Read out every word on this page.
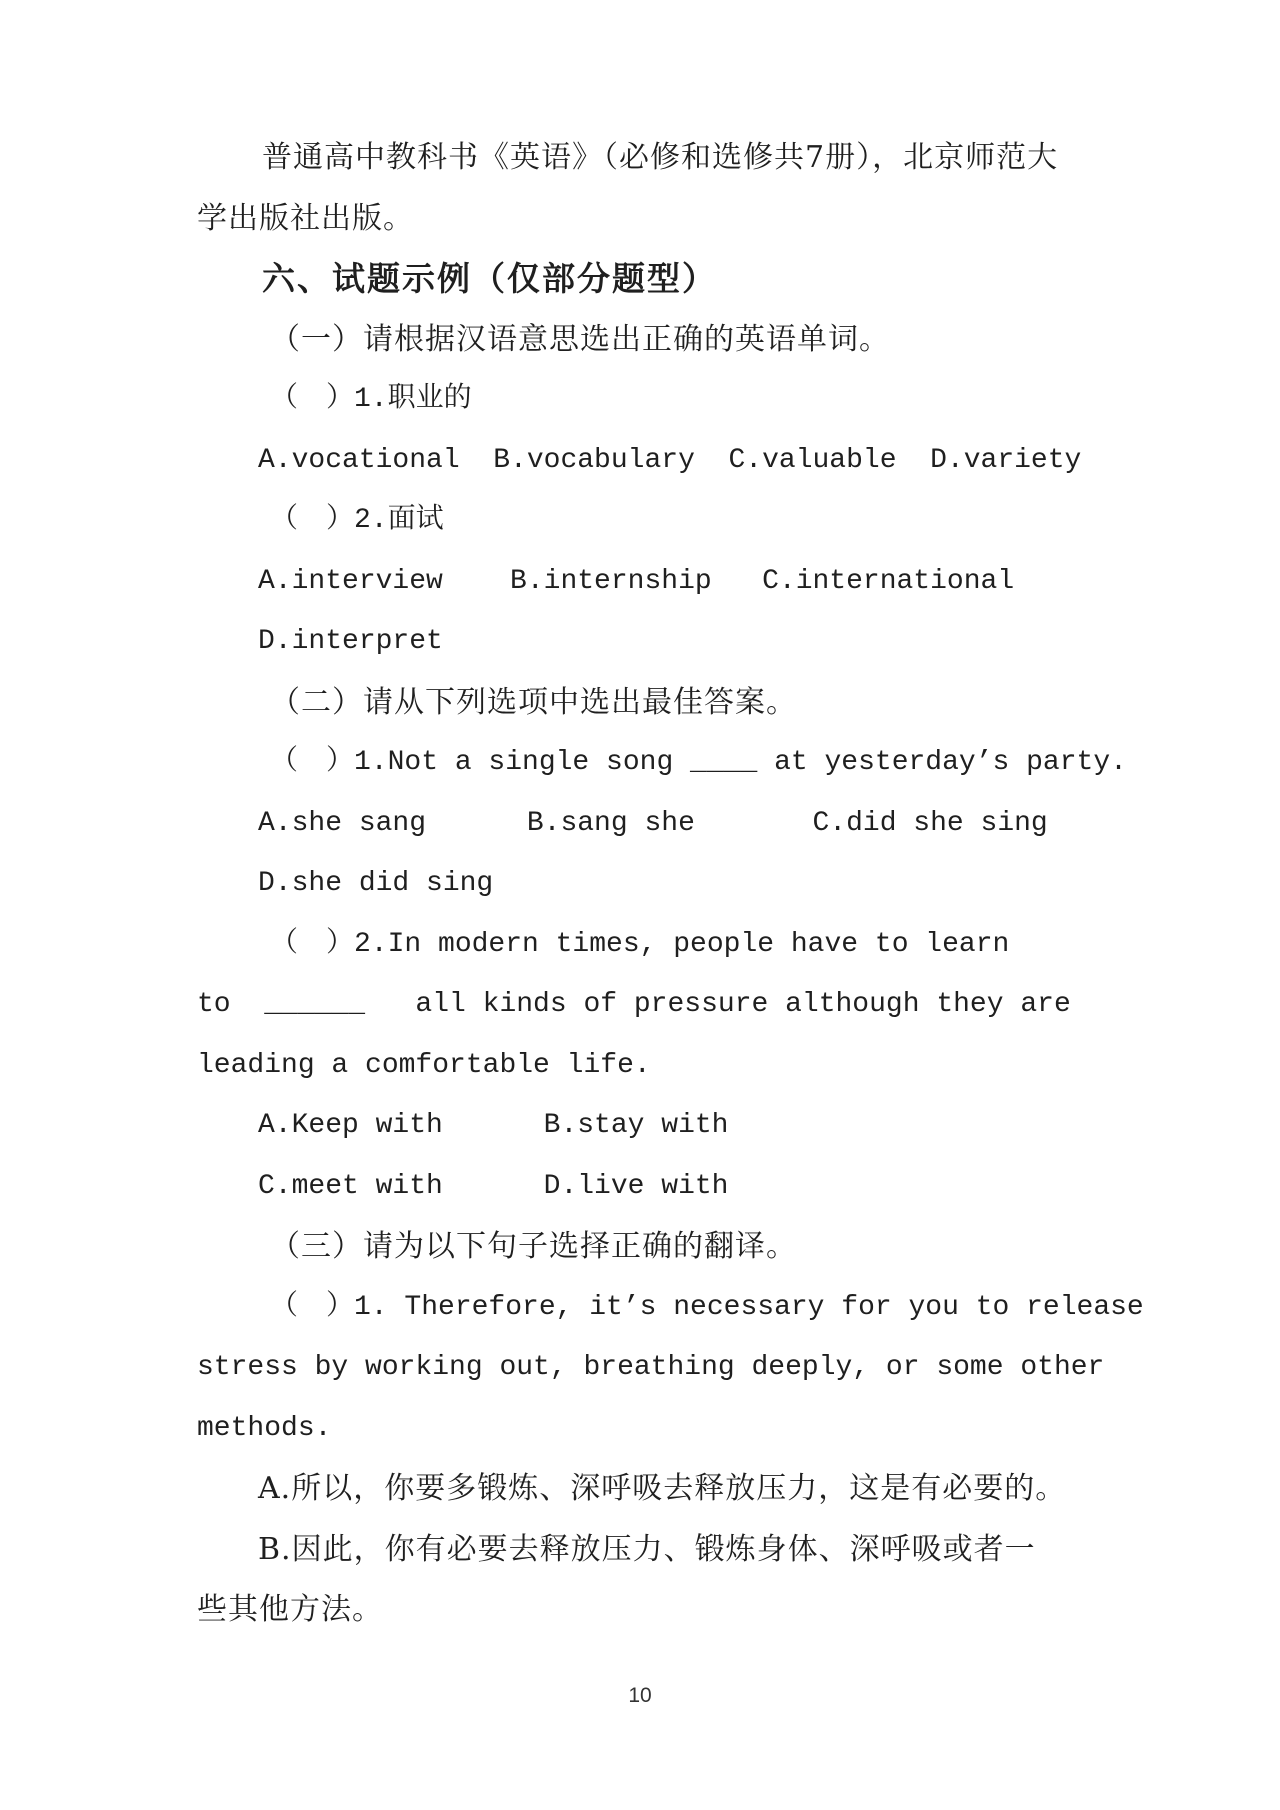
普通高中教科书《英语》（必修和选修共7册），北京师范大
学出版社出版。
六、试题示例（仅部分题型）
（一）请根据汉语意思选出正确的英语单词。
（　）1.职业的
A.vocational  B.vocabulary  C.valuable  D.variety
（　）2.面试
A.interview    B.internship   C.international
D.interpret
（二）请从下列选项中选出最佳答案。
（　）1.Not a single song ____ at yesterday’s party.
A.she sang      B.sang she       C.did she sing
D.she did sing
（　）2.In modern times, people have to learn
to  ______   all kinds of pressure although they are
leading a comfortable life.
A.Keep with      B.stay with
C.meet with      D.live with
（三）请为以下句子选择正确的翻译。
（　）1. Therefore, it’s necessary for you to release
stress by working out, breathing deeply, or some other
methods.
A.所以，你要多锻炼、深呼吸去释放压力，这是有必要的。
B.因此，你有必要去释放压力、锻炼身体、深呼吸或者一
些其他方法。
10
